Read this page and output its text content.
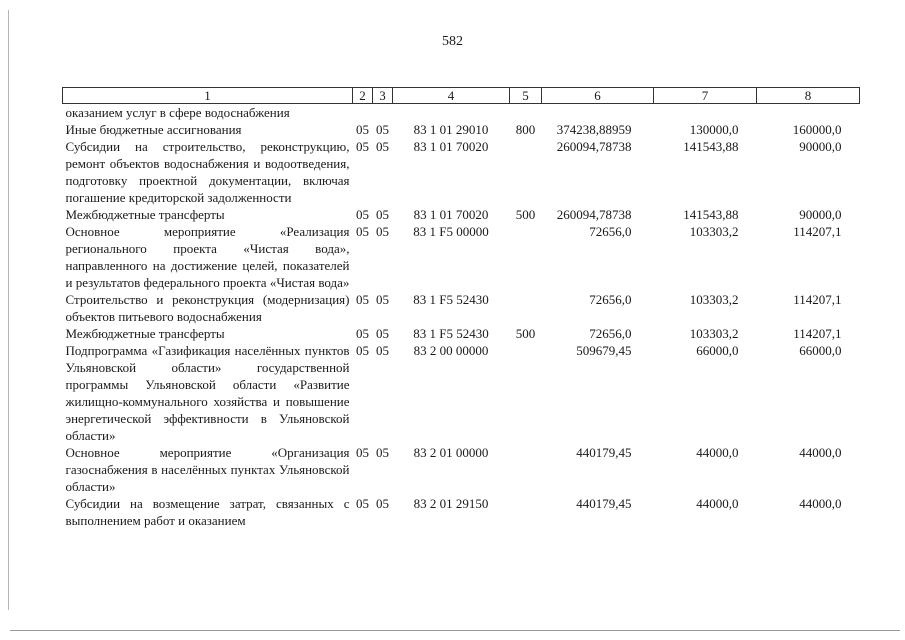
582
1	2	3	4	5	6	7	8
оказанием услуг в сфере водоснабжения							
Иные бюджетные ассигнования	05	05	83 1 01 29010	800	374238,88959	130000,0	160000,0
Субсидии на строительство, реконструкцию, ремонт объектов водоснабжения и водоотведения, подготовку проектной документации, включая погашение кредиторской задолженности	05	05	83 1 01 70020		260094,78738	141543,88	90000,0
Межбюджетные трансферты	05	05	83 1 01 70020	500	260094,78738	141543,88	90000,0
Основное мероприятие «Реализация регионального проекта «Чистая вода», направленного на достижение целей, показателей и результатов федерального проекта «Чистая вода»	05	05	83 1 F5 00000		72656,0	103303,2	114207,1
Строительство и реконструкция (модернизация) объектов питьевого водоснабжения	05	05	83 1 F5 52430		72656,0	103303,2	114207,1
Межбюджетные трансферты	05	05	83 1 F5 52430	500	72656,0	103303,2	114207,1
Подпрограмма «Газификация населённых пунктов Ульяновской области» государственной программы Ульяновской области «Развитие жилищно-коммунального хозяйства и повышение энергетической эффективности в Ульяновской области»	05	05	83 2 00 00000		509679,45	66000,0	66000,0
Основное мероприятие «Организация газоснабжения в населённых пунктах Ульяновской области»	05	05	83 2 01 00000		440179,45	44000,0	44000,0
Субсидии на возмещение затрат, связанных с выполнением работ и оказанием	05	05	83 2 01 29150		440179,45	44000,0	44000,0
